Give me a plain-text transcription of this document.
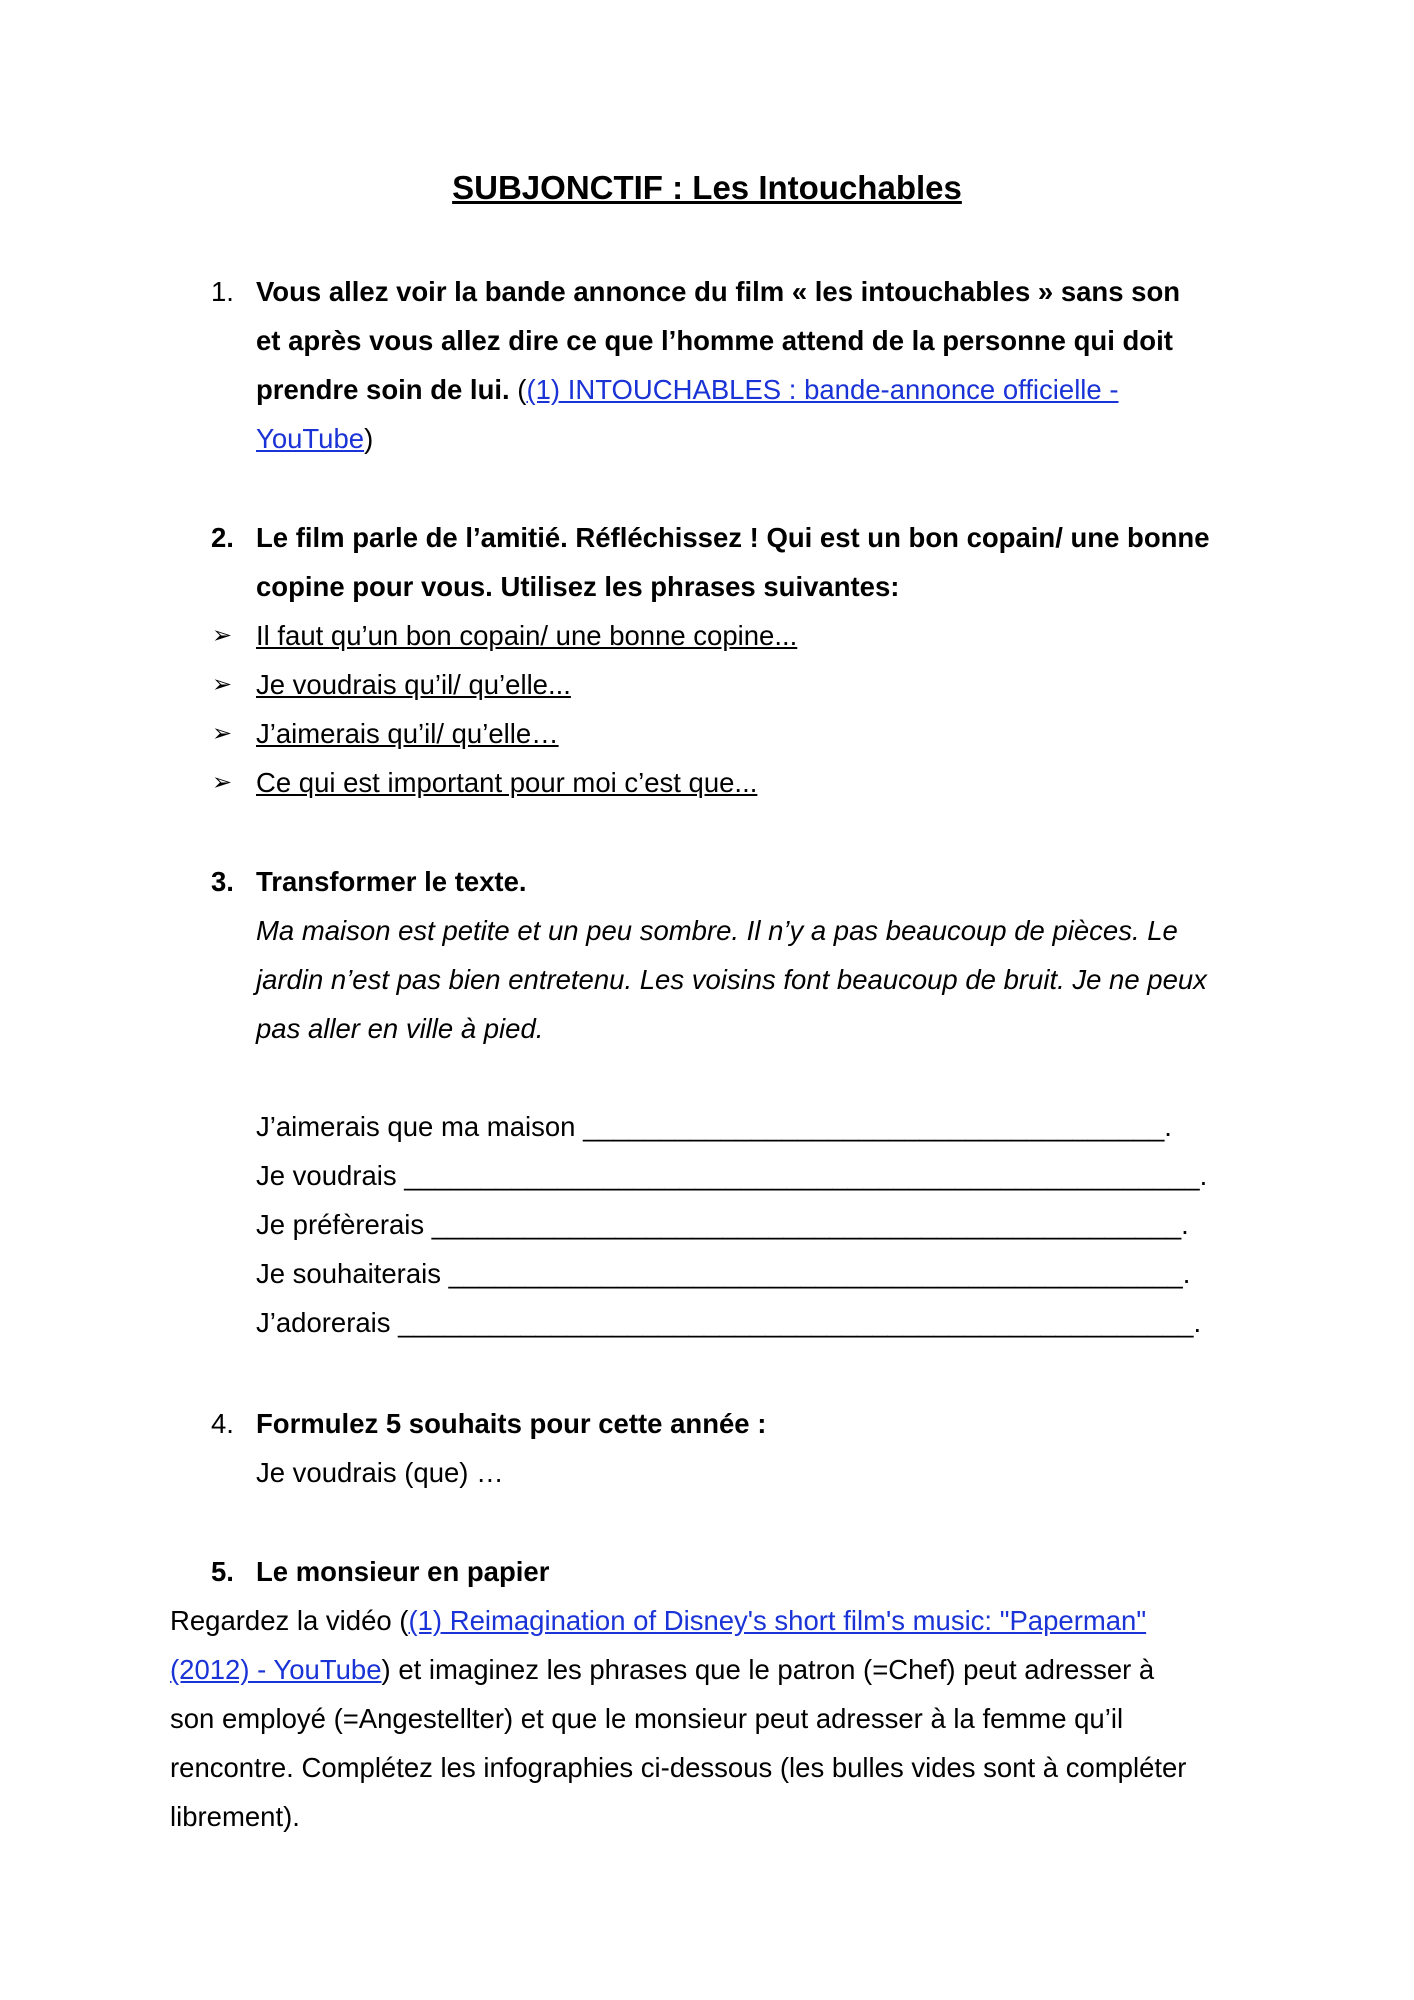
SUBJONCTIF : Les Intouchables
1. Vous allez voir la bande annonce du film « les intouchables » sans son
et après vous allez dire ce que l’homme attend de la personne qui doit
prendre soin de lui. ((1) INTOUCHABLES : bande-annonce officielle -
YouTube)
2. Le film parle de l’amitié. Réfléchissez ! Qui est un bon copain/ une bonne
copine pour vous. Utilisez les phrases suivantes:
➢ Il faut qu’un bon copain/ une bonne copine...
➢ Je voudrais qu’il/ qu’elle...
➢ J’aimerais qu’il/ qu’elle…
➢ Ce qui est important pour moi c’est que...
3. Transformer le texte.
Ma maison est petite et un peu sombre. Il n’y a pas beaucoup de pièces. Le
jardin n’est pas bien entretenu. Les voisins font beaucoup de bruit. Je ne peux
pas aller en ville à pied.
J’aimerais que ma maison ______________________________________.
Je voudrais ____________________________________________________.
Je préfèrerais _________________________________________________.
Je souhaiterais ________________________________________________.
J’adorerais ____________________________________________________.
4. Formulez 5 souhaits pour cette année :
Je voudrais (que) …
5. Le monsieur en papier
Regardez la vidéo ((1) Reimagination of Disney's short film's music: "Paperman"
(2012) - YouTube) et imaginez les phrases que le patron (=Chef) peut adresser à
son employé (=Angestellter) et que le monsieur peut adresser à la femme qu’il
rencontre. Complétez les infographies ci-dessous (les bulles vides sont à compléter
librement).
